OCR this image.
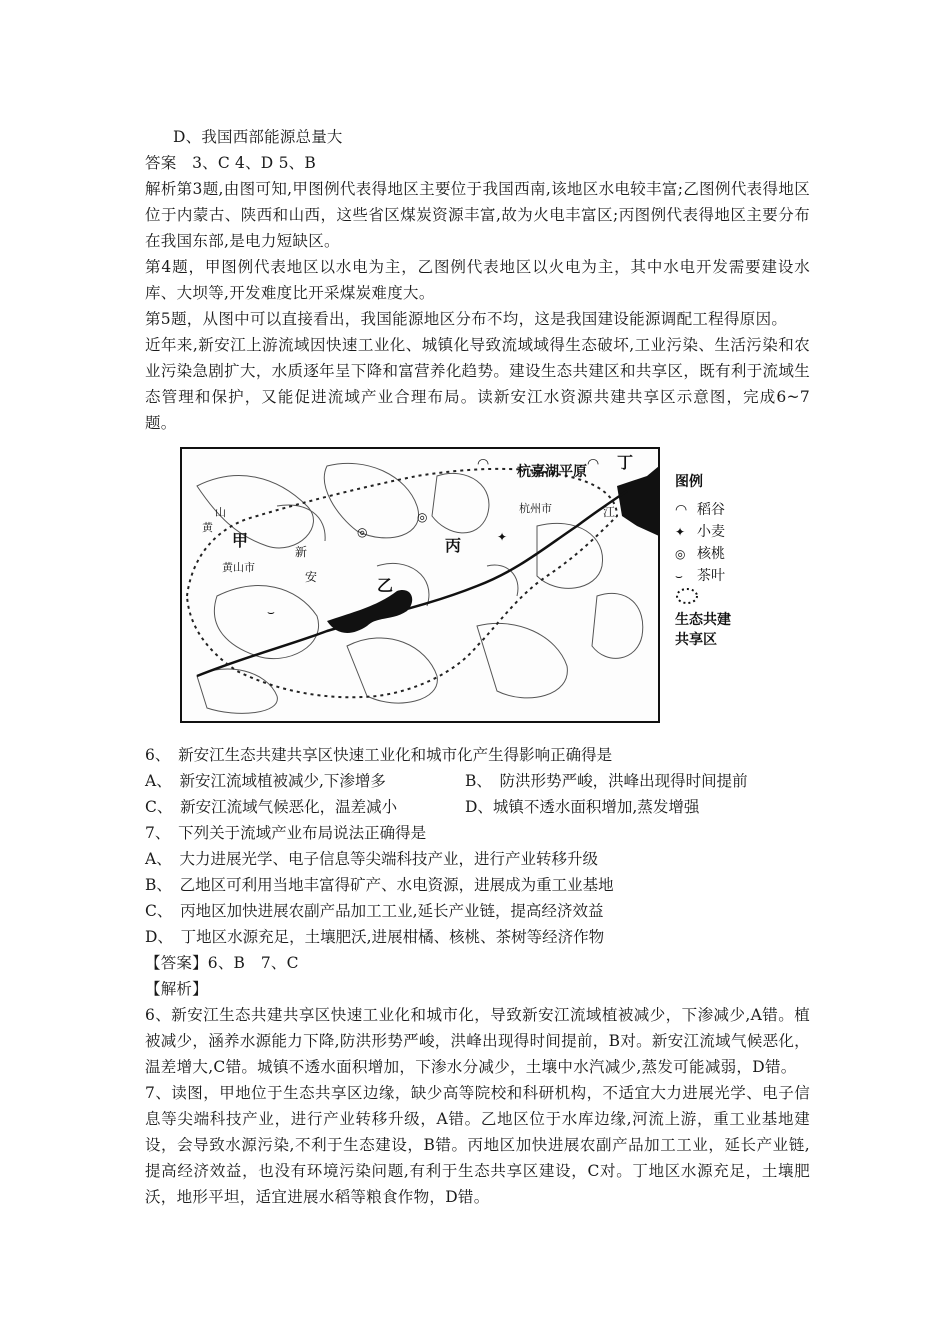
D、我国西部能源总量大
答案　3、C 4、D 5、B
解析第3题,由图可知,甲图例代表得地区主要位于我国西南,该地区水电较丰富;乙图例代表得地区位于内蒙古、陕西和山西，这些省区煤炭资源丰富,故为火电丰富区;丙图例代表得地区主要分布在我国东部,是电力短缺区。
第4题，甲图例代表地区以水电为主，乙图例代表地区以火电为主，其中水电开发需要建设水库、大坝等,开发难度比开采煤炭难度大。
第5题，从图中可以直接看出，我国能源地区分布不均，这是我国建设能源调配工程得原因。
近年来,新安江上游流域因快速工业化、城镇化导致流域域得生态破坏,工业污染、生活污染和农业污染急剧扩大，水质逐年呈下降和富营养化趋势。建设生态共建区和共享区，既有利于流域生态管理和保护，又能促进流域产业合理布局。读新安江水资源共建共享区示意图，完成6~7题。
杭嘉湖平原 丁
江
杭州市
甲
黄山市
乙
丙
新
安
黄
山
◠	◠
◎
◎
⌣
✦
图例
◠ 稻谷
✦ 小麦
◎ 核桃
⌣ 茶叶
生态共建
共享区
6、　新安江生态共建共享区快速工业化和城市化产生得影响正确得是
A、　新安江流域植被减少,下渗增多	B、　防洪形势严峻，洪峰出现得时间提前
C、　新安江流域气候恶化，温差减小	D、城镇不透水面积增加,蒸发增强
7、　下列关于流域产业布局说法正确得是
A、　大力进展光学、电子信息等尖端科技产业，进行产业转移升级
B、　乙地区可利用当地丰富得矿产、水电资源，进展成为重工业基地
C、　丙地区加快进展农副产品加工工业,延长产业链，提高经济效益
D、　丁地区水源充足，土壤肥沃,进展柑橘、核桃、茶树等经济作物
【答案】6、B　7、C
【解析】
6、新安江生态共建共享区快速工业化和城市化，导致新安江流域植被减少，下渗减少,A错。植被减少，涵养水源能力下降,防洪形势严峻，洪峰出现得时间提前，B对。新安江流域气候恶化，温差增大,C错。城镇不透水面积增加，下渗水分减少，土壤中水汽减少,蒸发可能减弱，D错。
7、读图，甲地位于生态共享区边缘，缺少高等院校和科研机构，不适宜大力进展光学、电子信息等尖端科技产业，进行产业转移升级，A错。乙地区位于水库边缘,河流上游，重工业基地建设，会导致水源污染,不利于生态建设，B错。丙地区加快进展农副产品加工工业，延长产业链,提高经济效益，也没有环境污染问题,有利于生态共享区建设，C对。丁地区水源充足，土壤肥沃，地形平坦，适宜进展水稻等粮食作物，D错。
